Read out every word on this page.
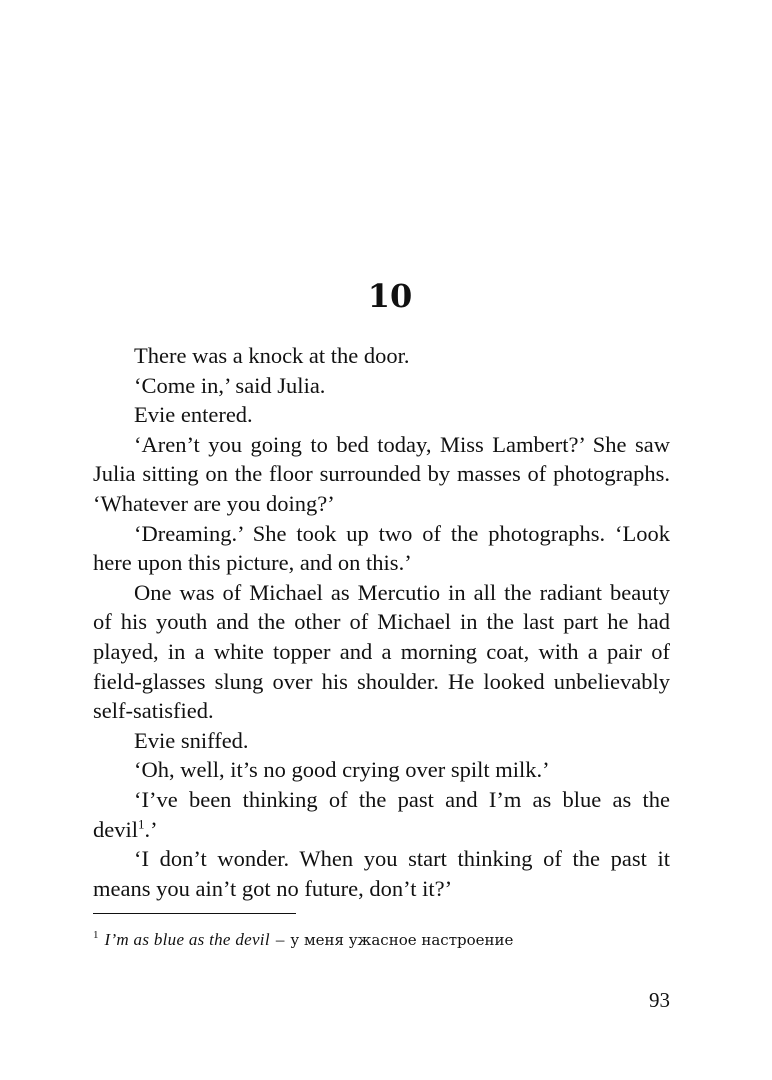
10

There was a knock at the door.

‘Come in,’ said Julia.

Evie entered.

‘Aren’t you going to bed today, Miss Lambert?’ She saw Julia sitting on the floor surrounded by masses of photographs. ‘Whatever are you doing?’

‘Dreaming.’ She took up two of the photographs. ‘Look here upon this picture, and on this.’

One was of Michael as Mercutio in all the radiant beauty of his youth and the other of Michael in the last part he had played, in a white topper and a morning coat, with a pair of field-glasses slung over his shoulder. He looked unbelievably self-satisfied.

Evie sniffed.

‘Oh, well, it’s no good crying over spilt milk.’

‘I’ve been thinking of the past and I’m as blue as the devil$^1$.’

‘I don’t wonder. When you start thinking of the past it means you ain’t got no future, don’t it?’

$^1$ I’m as blue as the devil – у меня ужасное настроение
93
